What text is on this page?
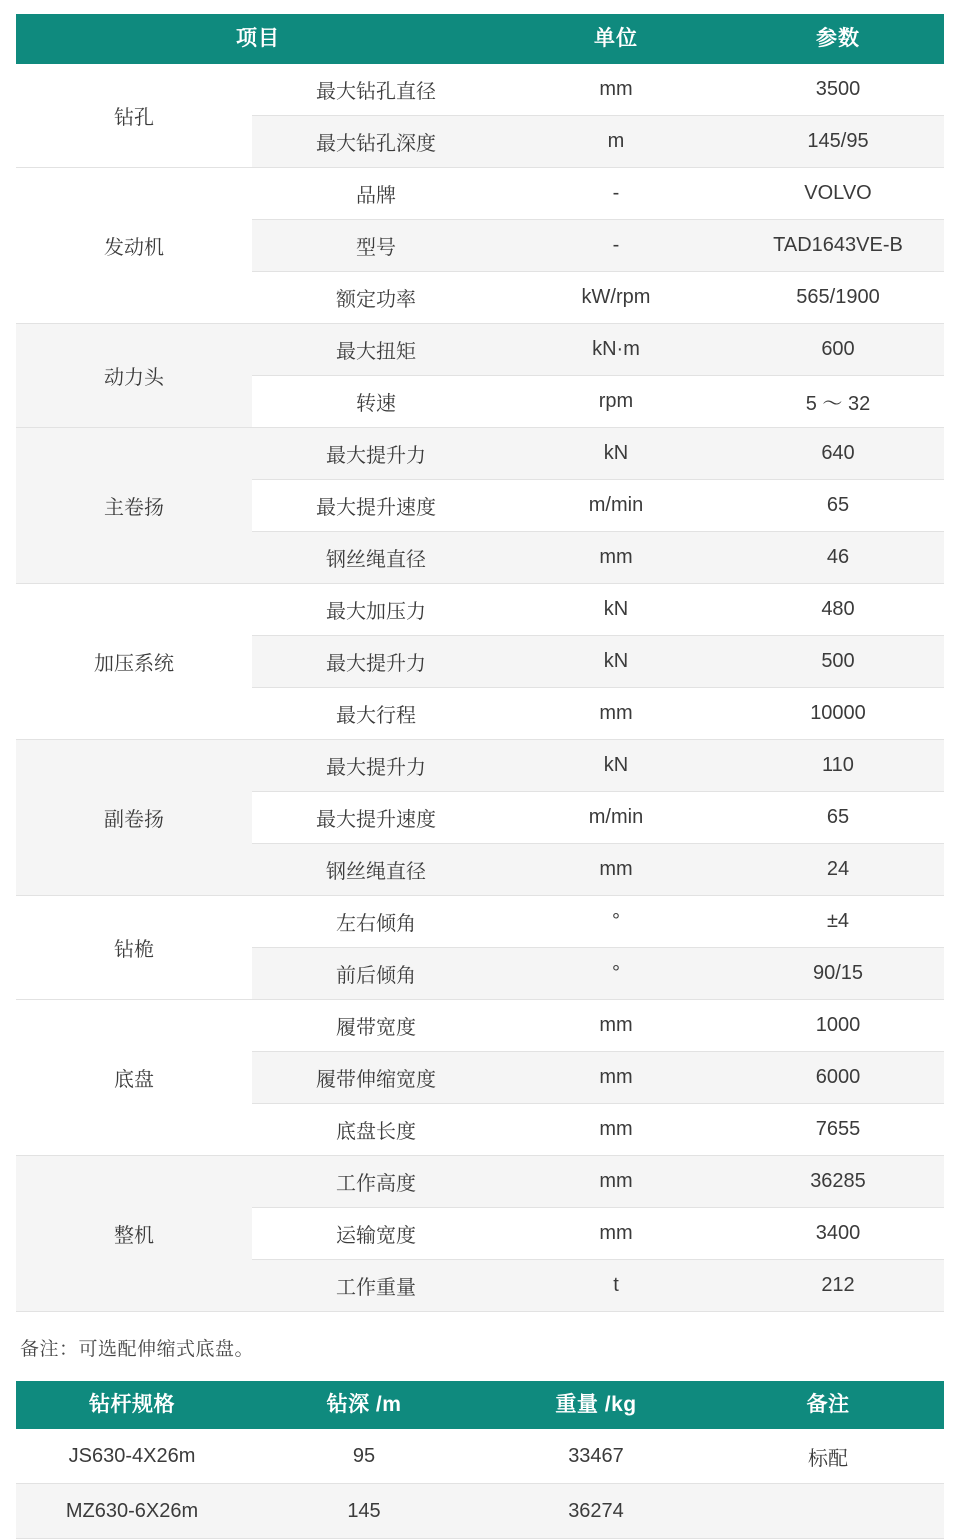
项目		单位	参数
钻孔	最大钻孔直径	mm	3500
	最大钻孔深度	m	145/95
发动机	品牌	-	VOLVO
	型号	-	TAD1643VE-B
	额定功率	kW/rpm	565/1900
动力头	最大扭矩	kN·m	600
	转速	rpm	5 ～ 32
主卷扬	最大提升力	kN	640
	最大提升速度	m/min	65
	钢丝绳直径	mm	46
加压系统	最大加压力	kN	480
	最大提升力	kN	500
	最大行程	mm	10000
副卷扬	最大提升力	kN	110
	最大提升速度	m/min	65
	钢丝绳直径	mm	24
钻桅	左右倾角	°	±4
	前后倾角	°	90/15
底盘	履带宽度	mm	1000
	履带伸缩宽度	mm	6000
	底盘长度	mm	7655
整机	工作高度	mm	36285
	运输宽度	mm	3400
	工作重量	t	212
备注：可选配伸缩式底盘。
钻杆规格	钻深 /m	重量 /kg	备注
JS630-4X26m	95	33467	标配
MZ630-6X26m	145	36274	
